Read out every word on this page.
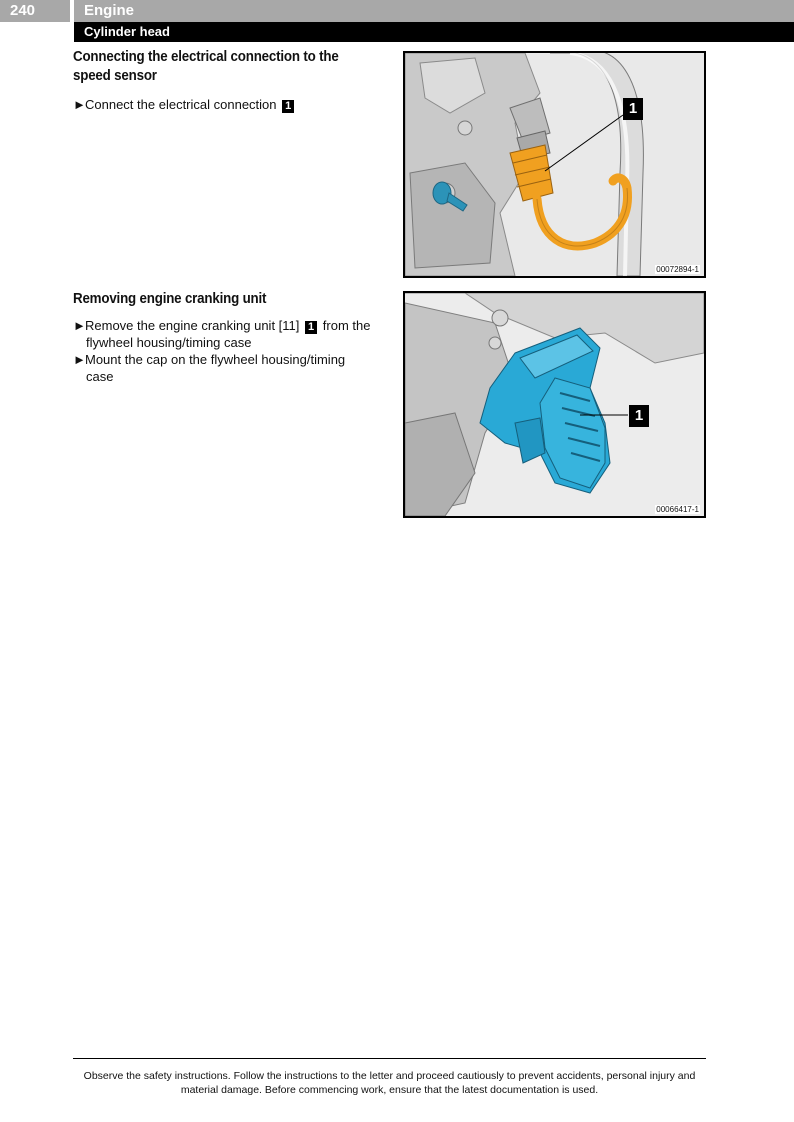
240	Engine
Cylinder head
Connecting the electrical connection to the
speed sensor
►Connect the electrical connection 1	1
00072894-1
Removing engine cranking unit
►Remove the engine cranking unit [11] 1 from the
flywheel housing/timing case
►Mount the cap on the flywheel housing/timing
case
1
00066417-1
Observe the safety instructions. Follow the instructions to the letter and proceed cautiously to prevent accidents, personal injury and
material damage. Before commencing work, ensure that the latest documentation is used.
